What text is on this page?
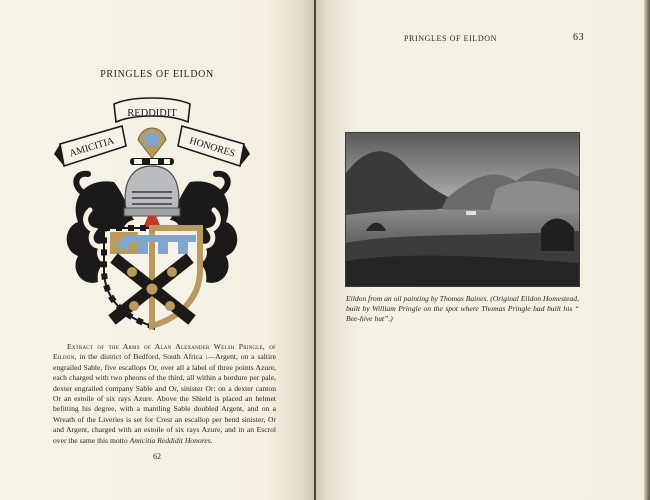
PRINGLES OF EILDON
AMICITIA	HONORES
REDDIDIT

Extract of the Arms of Alan Alexander Welsh Pringle, of Eildon, in the district of Bedford, South Africa :—Argent, on a saltire engrailed Sable, five escallops Or, over all a label of three points Azure, each charged with two pheons of the third, all within a bordure per pale, dexter engrailed company Sable and Or, sinister Or: on a dexter canton Or an estoile of six rays Azure. Above the Shield is placed an helmet befitting his degree, with a mantling Sable doubled Argent, and on a Wreath of the Liveries is set for Crest an escallop per bend sinister, Or and Argent, charged with an estoile of six rays Azure, and in an Escrol over the same this motto Amicitia Reddidit Honores.

62
PRINGLES OF EILDON	63
Eildon from an oil painting by Thomas Baines. (Original Eildon Homestead, built by William Pringle on the spot where Thomas Pringle had built his “ Bee-hive hut”.)
